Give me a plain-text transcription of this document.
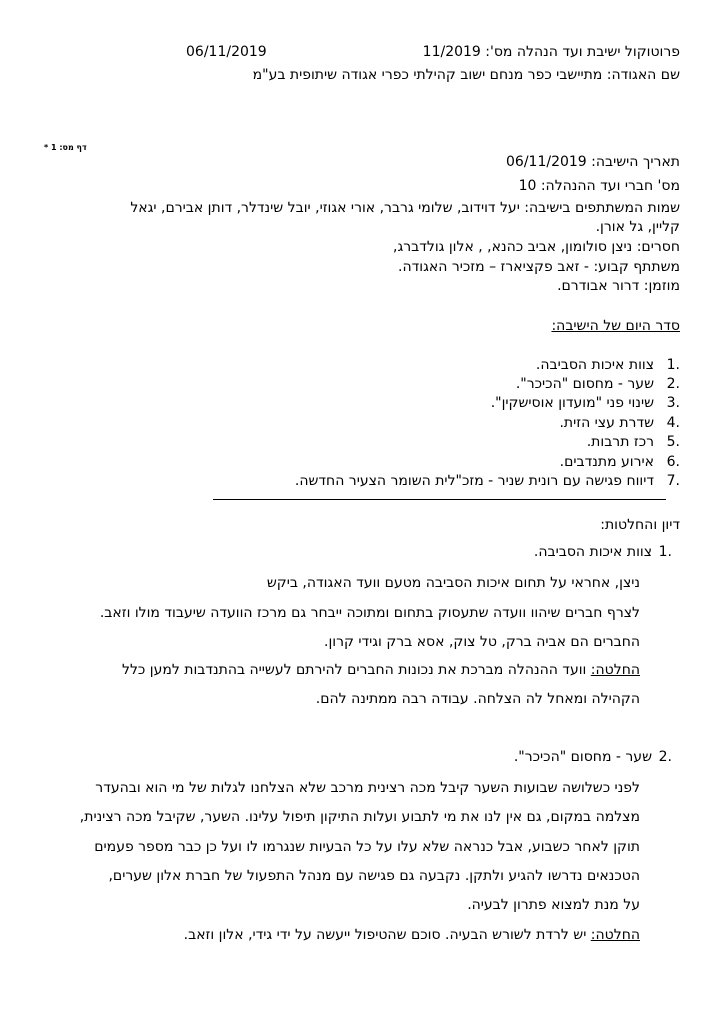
פרוטוקול ישיבת ועד הנהלה מס': 11/2019
06/11/2019
שם האגודה: מתיישבי כפר מנחם ישוב קהילתי כפרי אגודה שיתופית בע"מ
דף מס: 1 *
תאריך הישיבה: 06/11/2019
מס' חברי ועד ההנהלה: 10
שמות המשתתפים בישיבה: יעל דוידוב, שלומי גרבר, אורי אגוזי, יובל שינדלר, דותן אבירם, יגאל
קליין, גל אורן.
חסרים: ניצן סולומון, אביב כהנא, , אלון גולדברג,
משתתף קבוע: - זאב פקציארז – מזכיר האגודה.
מוזמן: דרור אבודרם.
סדר היום של הישיבה:
1.
צוות איכות הסביבה.
2.
שער - מחסום "הכיכר".
3.
שינוי פני "מועדון אוסישקין".
4.
שדרת עצי הזית.
5.
רכז תרבות.
6.
אירוע מתנדבים.
7.
דיווח פגישה עם רונית שניר - מזכ"לית השומר הצעיר החדשה.
דיון והחלטות:
1.
צוות איכות הסביבה.
ניצן, אחראי על תחום איכות הסביבה מטעם וועד האגודה, ביקש
לצרף חברים שיהוו וועדה שתעסוק בתחום ומתוכה ייבחר גם מרכז הוועדה שיעבוד מולו וזאב.
החברים הם אביה ברק, טל צוק, אסא ברק וגידי קרון.
החלטה: וועד ההנהלה מברכת את נכונות החברים להירתם לעשייה בהתנדבות למען כלל
הקהילה ומאחל לה הצלחה. עבודה רבה ממתינה להם.
2.
שער - מחסום "הכיכר".
לפני כשלושה שבועות השער קיבל מכה רצינית מרכב שלא הצלחנו לגלות של מי הוא ובהעדר
מצלמה במקום, גם אין לנו את מי לתבוע ועלות התיקון תיפול עלינו. השער, שקיבל מכה רצינית,
תוקן לאחר כשבוע, אבל כנראה שלא עלו על כל הבעיות שנגרמו לו ועל כן כבר מספר פעמים
הטכנאים נדרשו להגיע ולתקן. נקבעה גם פגישה עם מנהל התפעול של חברת אלון שערים,
על מנת למצוא פתרון לבעיה.
החלטה: יש לרדת לשורש הבעיה. סוכם שהטיפול ייעשה על ידי גידי, אלון וזאב.
